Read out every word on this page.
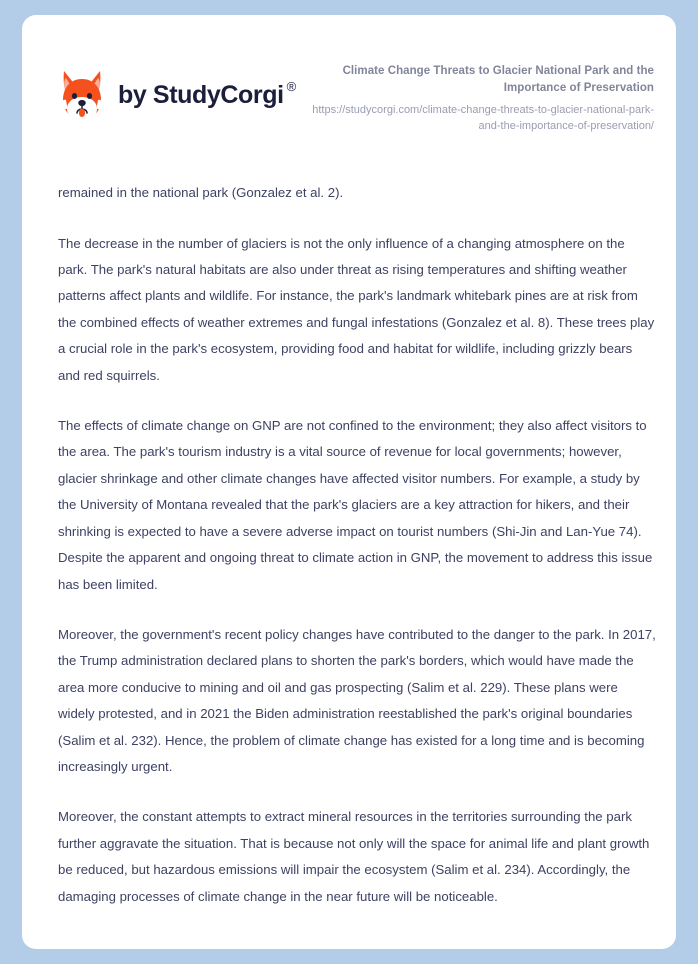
by StudyCorgi ®
Climate Change Threats to Glacier National Park and the Importance of Preservation
https://studycorgi.com/climate-change-threats-to-glacier-national-park-and-the-importance-of-preservation/

remained in the national park (Gonzalez et al. 2).

The decrease in the number of glaciers is not the only influence of a changing atmosphere on the park. The park's natural habitats are also under threat as rising temperatures and shifting weather patterns affect plants and wildlife. For instance, the park's landmark whitebark pines are at risk from the combined effects of weather extremes and fungal infestations (Gonzalez et al. 8). These trees play a crucial role in the park's ecosystem, providing food and habitat for wildlife, including grizzly bears and red squirrels.

The effects of climate change on GNP are not confined to the environment; they also affect visitors to the area. The park's tourism industry is a vital source of revenue for local governments; however, glacier shrinkage and other climate changes have affected visitor numbers. For example, a study by the University of Montana revealed that the park's glaciers are a key attraction for hikers, and their shrinking is expected to have a severe adverse impact on tourist numbers (Shi-Jin and Lan-Yue 74). Despite the apparent and ongoing threat to climate action in GNP, the movement to address this issue has been limited.

Moreover, the government's recent policy changes have contributed to the danger to the park. In 2017, the Trump administration declared plans to shorten the park's borders, which would have made the area more conducive to mining and oil and gas prospecting (Salim et al. 229). These plans were widely protested, and in 2021 the Biden administration reestablished the park's original boundaries (Salim et al. 232). Hence, the problem of climate change has existed for a long time and is becoming increasingly urgent.

Moreover, the constant attempts to extract mineral resources in the territories surrounding the park further aggravate the situation. That is because not only will the space for animal life and plant growth be reduced, but hazardous emissions will impair the ecosystem (Salim et al. 234). Accordingly, the damaging processes of climate change in the near future will be noticeable.
